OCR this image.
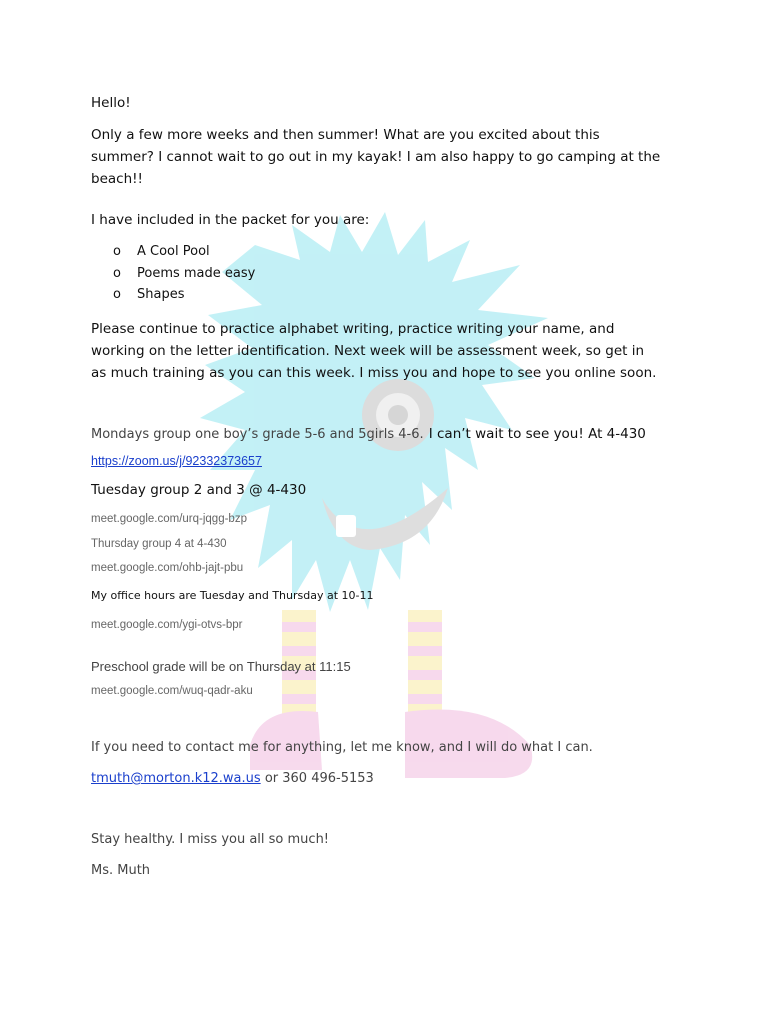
Hello!
Only a few more weeks and then summer! What are you excited about this summer? I cannot wait to go out in my kayak! I am also happy to go camping at the beach!!
I have included in the packet for you are:
o A Cool Pool
o Poems made easy
o Shapes
Please continue to practice alphabet writing, practice writing your name, and working on the letter identification. Next week will be assessment week, so get in as much training as you can this week. I miss you and hope to see you online soon.
Mondays group one boy’s grade 5-6 and 5girls 4-6. I can’t wait to see you! At 4-430
https://zoom.us/j/92332373657
Tuesday group 2 and 3 @ 4-430
meet.google.com/urq-jqgg-bzp
Thursday group 4 at 4-430
meet.google.com/ohb-jajt-pbu
My office hours are Tuesday and Thursday at 10-11
meet.google.com/ygi-otvs-bpr
Preschool grade will be on Thursday at 11:15
meet.google.com/wuq-qadr-aku
If you need to contact me for anything, let me know, and I will do what I can.
tmuth@morton.k12.wa.us or 360 496-5153
Stay healthy. I miss you all so much!
Ms. Muth
